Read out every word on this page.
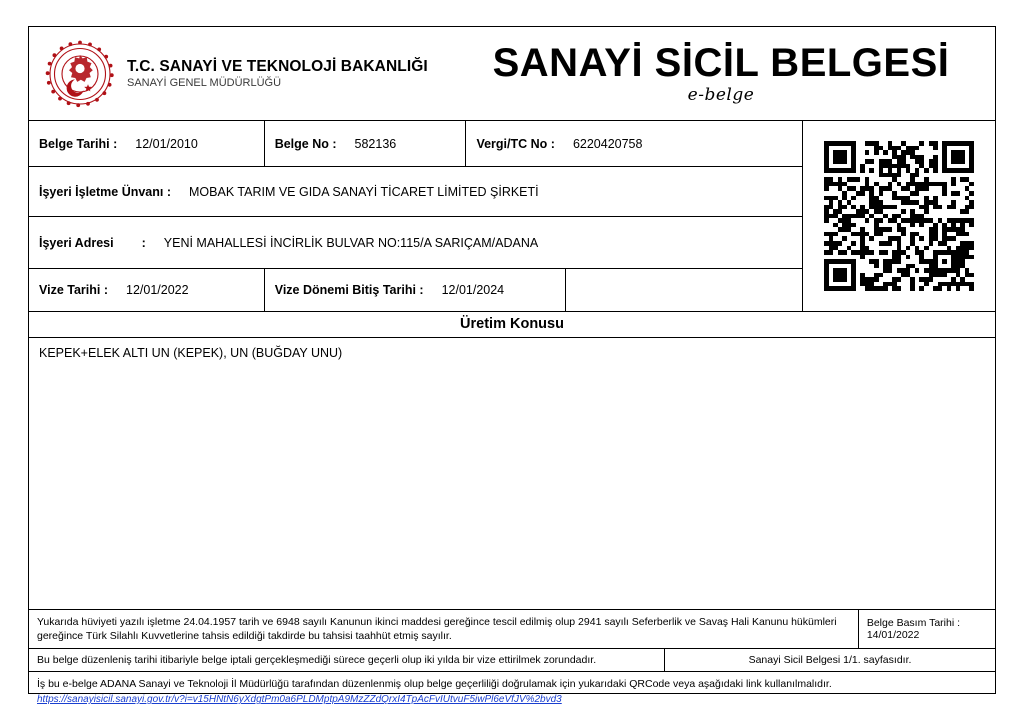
T.C. SANAYİ VE TEKNOLOJİ BAKANLIĞI
SANAYİ GENEL MÜDÜRLÜĞÜ	SANAYİ SİCİL BELGESİ
e-belge
Belge Tarihi : 12/01/2010	Belge No : 582136	Vergi/TC No : 6220420758
İşyeri İşletme Ünvanı : MOBAK TARIM VE GIDA SANAYİ TİCARET LİMİTED ŞİRKETİ
İşyeri Adresi : YENİ MAHALLESİ İNCİRLİK BULVAR NO:115/A SARIÇAM/ADANA
Vize Tarihi : 12/01/2022	Vize Dönemi Bitiş Tarihi : 12/01/2024
Üretim Konusu
KEPEK+ELEK ALTI UN (KEPEK), UN (BUĞDAY UNU)
Yukarıda hüviyeti yazılı işletme 24.04.1957 tarih ve 6948 sayılı Kanunun ikinci maddesi gereğince tescil edilmiş olup 2941 sayılı Seferberlik ve Savaş Hali Kanunu hükümleri gereğince Türk Silahlı Kuvvetlerine tahsis edildiği takdirde bu tahsisi taahhüt etmiş sayılır.
Belge Basım Tarihi : 14/01/2022
Bu belge düzenleniş tarihi itibariyle belge iptali gerçekleşmediği sürece geçerli olup iki yılda bir vize ettirilmek zorundadır.	Sanayi Sicil Belgesi 1/1. sayfasıdır.
İş bu e-belge ADANA Sanayi ve Teknoloji İl Müdürlüğü tarafından düzenlenmiş olup belge geçerliliği doğrulamak için yukarıdaki QRCode veya aşağıdaki link kullanılmalıdır.
https://sanayisicil.sanayi.gov.tr/v?i=v15HNtN6yXdgtPm0a6PLDMptpA9MzZZdQrxI4TpAcFvIUtvuF5iwPl6eVfJV%2bvd3
